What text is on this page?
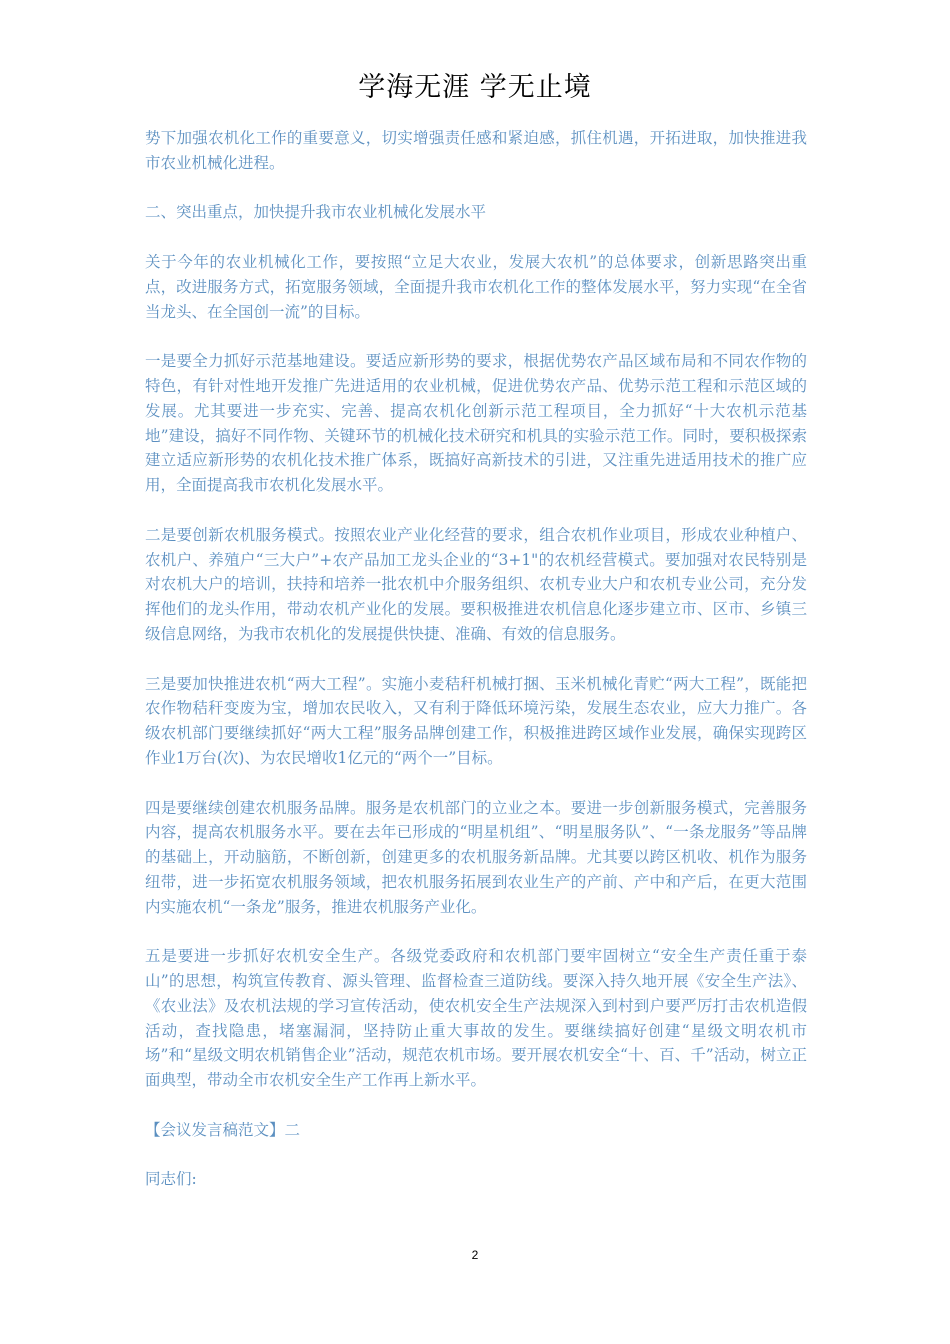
学海无涯 学无止境

势下加强农机化工作的重要意义，切实增强责任感和紧迫感，抓住机遇，开拓进取，加快推进我市农业机械化进程。

二、突出重点，加快提升我市农业机械化发展水平

关于今年的农业机械化工作，要按照“立足大农业，发展大农机”的总体要求，创新思路突出重点，改进服务方式，拓宽服务领域，全面提升我市农机化工作的整体发展水平，努力实现“在全省当龙头、在全国创一流”的目标。

一是要全力抓好示范基地建设。要适应新形势的要求，根据优势农产品区域布局和不同农作物的特色，有针对性地开发推广先进适用的农业机械，促进优势农产品、优势示范工程和示范区域的发展。尤其要进一步充实、完善、提高农机化创新示范工程项目，全力抓好“十大农机示范基地”建设，搞好不同作物、关键环节的机械化技术研究和机具的实验示范工作。同时，要积极探索建立适应新形势的农机化技术推广体系，既搞好高新技术的引进，又注重先进适用技术的推广应用，全面提高我市农机化发展水平。

二是要创新农机服务模式。按照农业产业化经营的要求，组合农机作业项目，形成农业种植户、农机户、养殖户“三大户”+农产品加工龙头企业的“3+1"的农机经营模式。要加强对农民特别是对农机大户的培训，扶持和培养一批农机中介服务组织、农机专业大户和农机专业公司，充分发挥他们的龙头作用，带动农机产业化的发展。要积极推进农机信息化逐步建立市、区市、乡镇三级信息网络，为我市农机化的发展提供快捷、准确、有效的信息服务。

三是要加快推进农机“两大工程”。实施小麦秸秆机械打捆、玉米机械化青贮“两大工程”，既能把农作物秸秆变废为宝，增加农民收入，又有利于降低环境污染，发展生态农业，应大力推广。各级农机部门要继续抓好“两大工程”服务品牌创建工作，积极推进跨区域作业发展，确保实现跨区作业1万台(次)、为农民增收1亿元的“两个一”目标。

四是要继续创建农机服务品牌。服务是农机部门的立业之本。要进一步创新服务模式，完善服务内容，提高农机服务水平。要在去年已形成的“明星机组”、“明星服务队”、“一条龙服务”等品牌的基础上，开动脑筋，不断创新，创建更多的农机服务新品牌。尤其要以跨区机收、机作为服务纽带，进一步拓宽农机服务领域，把农机服务拓展到农业生产的产前、产中和产后，在更大范围内实施农机“一条龙”服务，推进农机服务产业化。

五是要进一步抓好农机安全生产。各级党委政府和农机部门要牢固树立“安全生产责任重于泰山”的思想，构筑宣传教育、源头管理、监督检查三道防线。要深入持久地开展《安全生产法》、《农业法》及农机法规的学习宣传活动，使农机安全生产法规深入到村到户要严厉打击农机造假活动，查找隐患，堵塞漏洞，坚持防止重大事故的发生。要继续搞好创建“星级文明农机市场”和“星级文明农机销售企业”活动，规范农机市场。要开展农机安全“十、百、千”活动，树立正面典型，带动全市农机安全生产工作再上新水平。

【会议发言稿范文】二

同志们:

2
